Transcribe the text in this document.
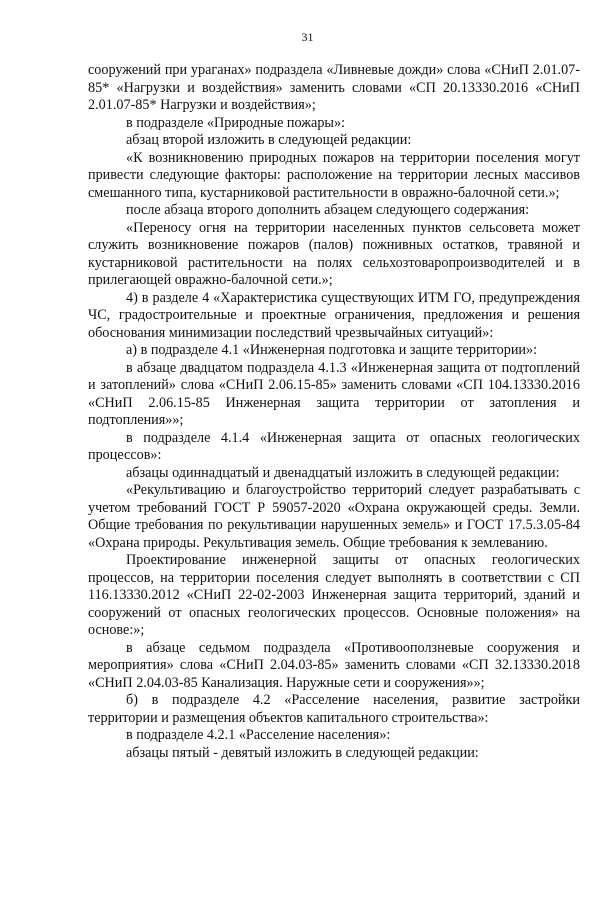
31

сооружений при ураганах» подраздела «Ливневые дожди» слова «СНиП 2.01.07-85* «Нагрузки и воздействия» заменить словами «СП 20.13330.2016 «СНиП 2.01.07-85* Нагрузки и воздействия»;

в подразделе «Природные пожары»:

абзац второй изложить в следующей редакции:

«К возникновению природных пожаров на территории поселения могут привести следующие факторы: расположение на территории лесных массивов смешанного типа, кустарниковой растительности в овражно-балочной сети.»;

после абзаца второго дополнить абзацем следующего содержания:

«Переносу огня на территории населенных пунктов сельсовета может служить возникновение пожаров (палов) пожнивных остатков, травяной и кустарниковой растительности на полях сельхозтоваропроизводителей и в прилегающей овражно-балочной сети.»;

4) в разделе 4 «Характеристика существующих ИТМ ГО, предупреждения ЧС, градостроительные и проектные ограничения, предложения и решения обоснования минимизации последствий чрезвычайных ситуаций»:

а) в подразделе 4.1 «Инженерная подготовка и защите территории»:

в абзаце двадцатом подраздела 4.1.3 «Инженерная защита от подтоплений и затоплений» слова «СНиП 2.06.15-85» заменить словами «СП 104.13330.2016 «СНиП 2.06.15-85 Инженерная защита территории от затопления и подтопления»»;

в подразделе 4.1.4 «Инженерная защита от опасных геологических процессов»:

абзацы одиннадцатый и двенадцатый изложить в следующей редакции:

«Рекультивацию и благоустройство территорий следует разрабатывать с учетом требований ГОСТ Р 59057-2020 «Охрана окружающей среды. Земли. Общие требования по рекультивации нарушенных земель» и ГОСТ 17.5.3.05-84 «Охрана природы. Рекультивация земель. Общие требования к землеванию.

Проектирование инженерной защиты от опасных геологических процессов, на территории поселения следует выполнять в соответствии с СП 116.13330.2012 «СНиП 22-02-2003 Инженерная защита территорий, зданий и сооружений от опасных геологических процессов. Основные положения» на основе:»;

в абзаце седьмом подраздела «Противооползневые сооружения и мероприятия» слова «СНиП 2.04.03-85» заменить словами «СП 32.13330.2018 «СНиП 2.04.03-85 Канализация. Наружные сети и сооружения»»;

б) в подразделе 4.2 «Расселение населения, развитие застройки территории и размещения объектов капитального строительства»:

в подразделе 4.2.1 «Расселение населения»:

абзацы пятый - девятый изложить в следующей редакции:
